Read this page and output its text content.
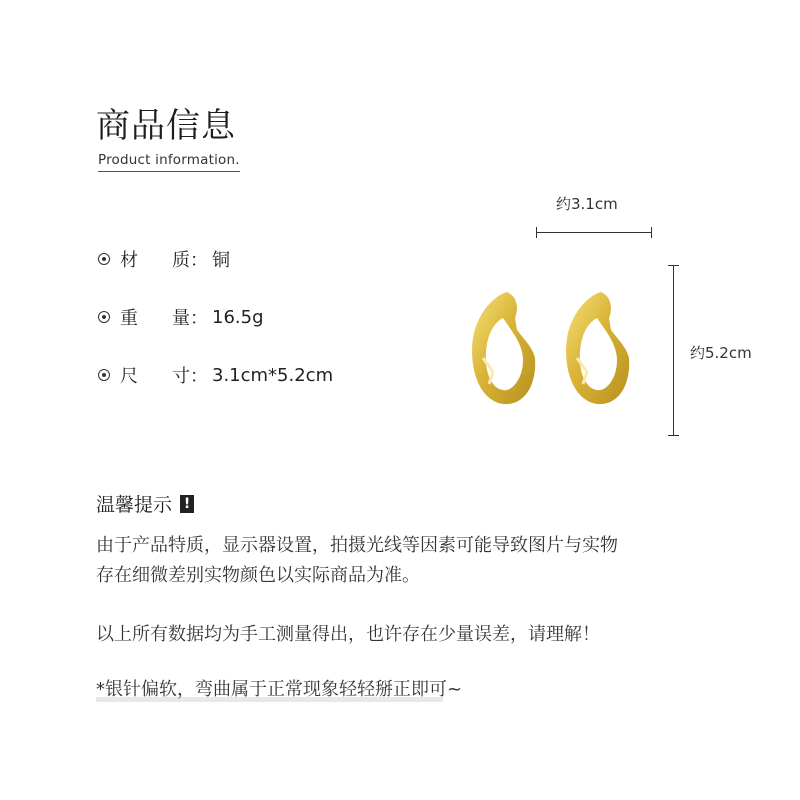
商品信息
Product information.
材 质 ： 铜
重 量 ： 16.5g
尺 寸 ： 3.1cm*5.2cm
约3.1cm
约5.2cm
温馨提示 !
由于产品特质，显示器设置，拍摄光线等因素可能导致图片与实物
存在细微差别实物颜色以实际商品为准。
以上所有数据均为手工测量得出，也许存在少量误差，请理解！
*银针偏软，弯曲属于正常现象轻轻掰正即可~
